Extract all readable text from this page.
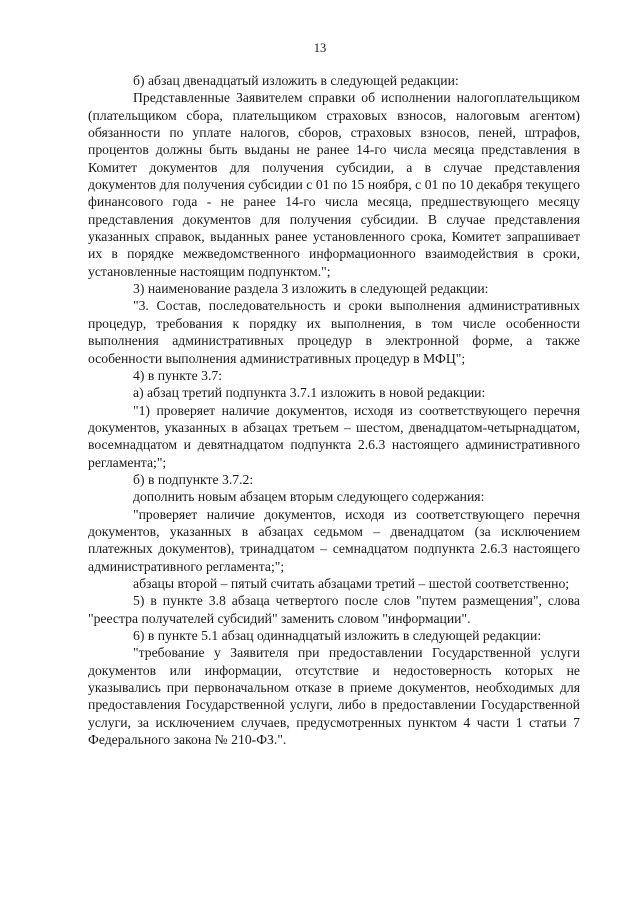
13

б) абзац двенадцатый изложить в следующей редакции:

Представленные Заявителем справки об исполнении налогоплательщиком (плательщиком сбора, плательщиком страховых взносов, налоговым агентом) обязанности по уплате налогов, сборов, страховых взносов, пеней, штрафов, процентов должны быть выданы не ранее 14-го числа месяца представления в Комитет документов для получения субсидии, а в случае представления документов для получения субсидии с 01 по 15 ноября, с 01 по 10 декабря текущего финансового года - не ранее 14-го числа месяца, предшествующего месяцу представления документов для получения субсидии. В случае представления указанных справок, выданных ранее установленного срока, Комитет запрашивает их в порядке межведомственного информационного взаимодействия в сроки, установленные настоящим подпунктом.";

3) наименование раздела 3 изложить в следующей редакции:

"3. Состав, последовательность и сроки выполнения административных процедур, требования к порядку их выполнения, в том числе особенности выполнения административных процедур в электронной форме, а также особенности выполнения административных процедур в МФЦ";

4) в пункте 3.7:

а) абзац третий подпункта 3.7.1 изложить в новой редакции:

"1) проверяет наличие документов, исходя из соответствующего перечня документов, указанных в абзацах третьем – шестом, двенадцатом-четырнадцатом, восемнадцатом и девятнадцатом подпункта 2.6.3 настоящего административного регламента;";

б) в подпункте 3.7.2:

дополнить новым абзацем вторым следующего содержания:

"проверяет наличие документов, исходя из соответствующего перечня документов, указанных в абзацах седьмом – двенадцатом (за исключением платежных документов), тринадцатом – семнадцатом подпункта 2.6.3 настоящего административного регламента;";

абзацы второй – пятый считать абзацами третий – шестой соответственно;

5) в пункте 3.8 абзаца четвертого после слов "путем размещения", слова "реестра получателей субсидий" заменить словом "информации".

6) в пункте 5.1 абзац одиннадцатый изложить в следующей редакции:

"требование у Заявителя при предоставлении Государственной услуги документов или информации, отсутствие и недостоверность которых не указывались при первоначальном отказе в приеме документов, необходимых для предоставления Государственной услуги, либо в предоставлении Государственной услуги, за исключением случаев, предусмотренных пунктом 4 части 1 статьи 7 Федерального закона № 210-ФЗ.".
